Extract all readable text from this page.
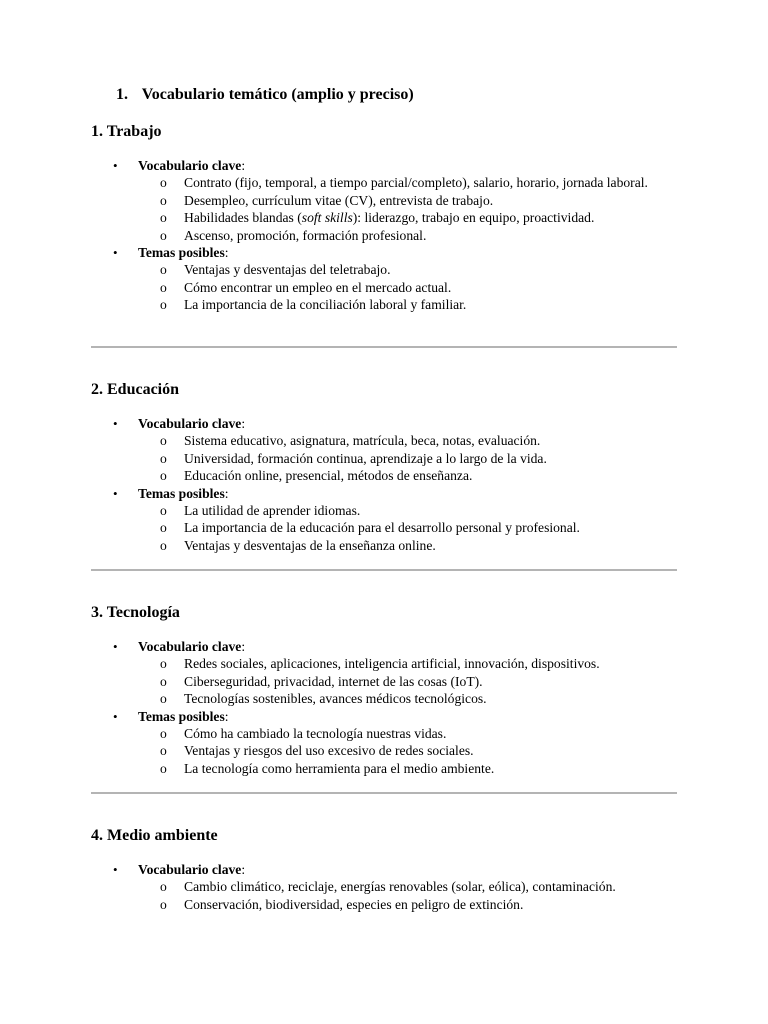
1. Vocabulario temático (amplio y preciso)
1. Trabajo
• Vocabulario clave:
o Contrato (fijo, temporal, a tiempo parcial/completo), salario, horario, jornada laboral.
o Desempleo, currículum vitae (CV), entrevista de trabajo.
o Habilidades blandas (soft skills): liderazgo, trabajo en equipo, proactividad.
o Ascenso, promoción, formación profesional.
• Temas posibles:
o Ventajas y desventajas del teletrabajo.
o Cómo encontrar un empleo en el mercado actual.
o La importancia de la conciliación laboral y familiar.
2. Educación
• Vocabulario clave:
o Sistema educativo, asignatura, matrícula, beca, notas, evaluación.
o Universidad, formación continua, aprendizaje a lo largo de la vida.
o Educación online, presencial, métodos de enseñanza.
• Temas posibles:
o La utilidad de aprender idiomas.
o La importancia de la educación para el desarrollo personal y profesional.
o Ventajas y desventajas de la enseñanza online.
3. Tecnología
• Vocabulario clave:
o Redes sociales, aplicaciones, inteligencia artificial, innovación, dispositivos.
o Ciberseguridad, privacidad, internet de las cosas (IoT).
o Tecnologías sostenibles, avances médicos tecnológicos.
• Temas posibles:
o Cómo ha cambiado la tecnología nuestras vidas.
o Ventajas y riesgos del uso excesivo de redes sociales.
o La tecnología como herramienta para el medio ambiente.
4. Medio ambiente
• Vocabulario clave:
o Cambio climático, reciclaje, energías renovables (solar, eólica), contaminación.
o Conservación, biodiversidad, especies en peligro de extinción.
